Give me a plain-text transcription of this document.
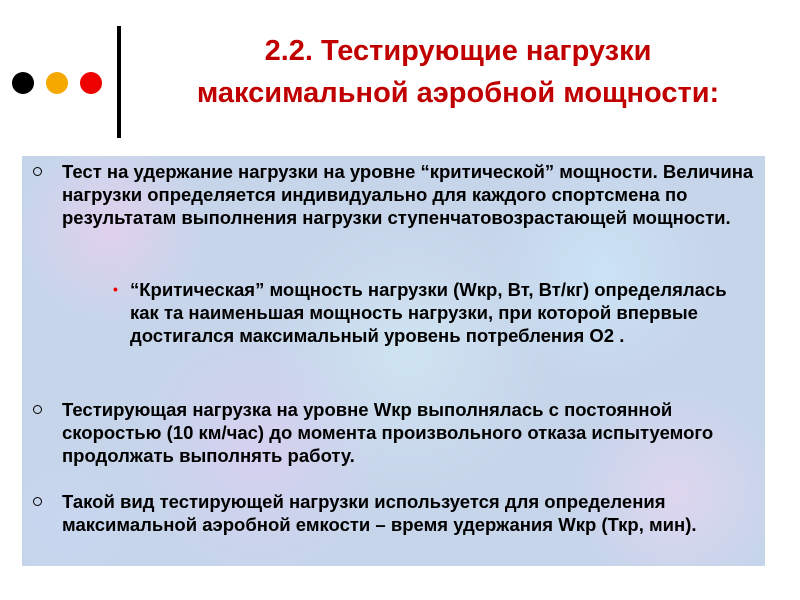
2.2. Тестирующие нагрузки
максимальной аэробной мощности:
Тест на удержание нагрузки на уровне “критической” мощности. Величина нагрузки определяется индивидуально для каждого спортсмена по результатам выполнения нагрузки ступенчатовозрастающей мощности.
• “Критическая” мощность нагрузки (Wкр, Вт, Вт/кг) определялась как та наименьшая мощность нагрузки, при которой впервые достигался максимальный уровень потребления О2 .
Тестирующая нагрузка на уровне Wкр выполнялась с постоянной скоростью (10 км/час) до момента произвольного отказа испытуемого продолжать выполнять работу.
Такой вид тестирующей нагрузки используется для определения максимальной аэробной емкости – время удержания Wкр (Ткр, мин).
